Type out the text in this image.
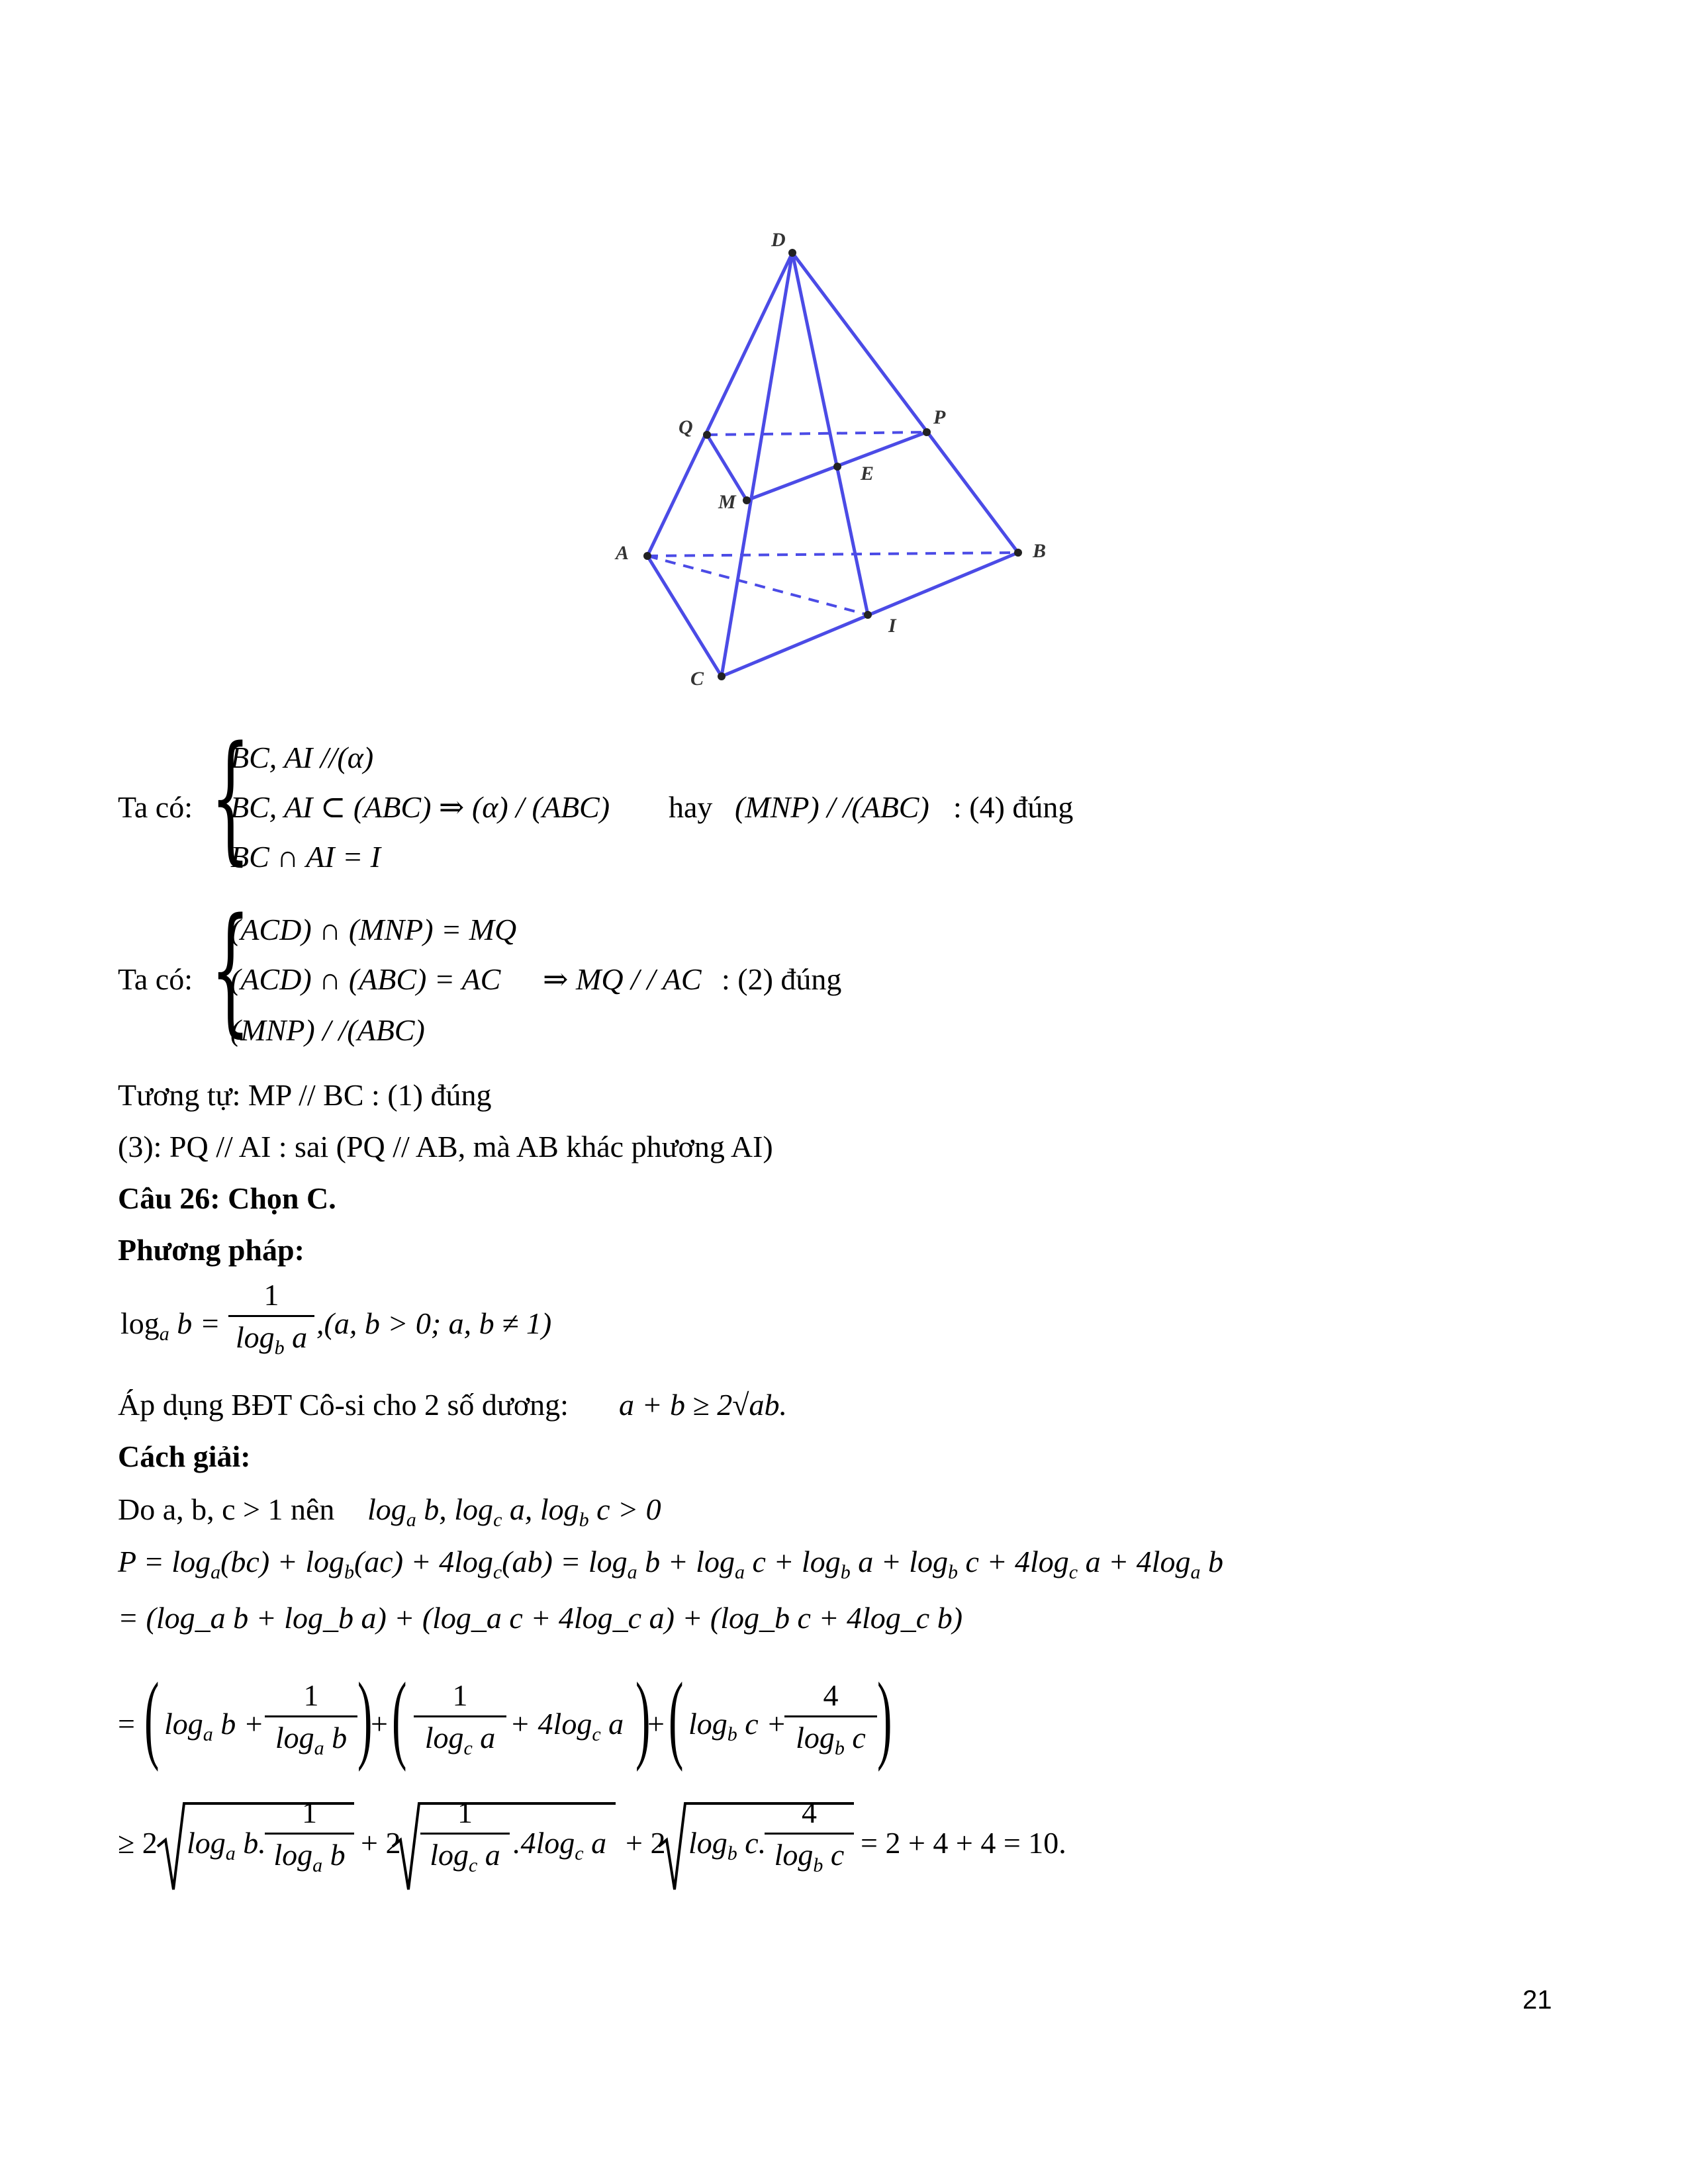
D
Q	P
M
E
A	B
I
C
Ta có: {
BC, AI //(α)
BC, AI ⊂ (ABC) ⇒ (α) / (ABC) hay (MNP) / /(ABC) : (4) đúng
BC ∩ AI = I
Ta có: {
(ACD) ∩ (MNP) = MQ
(ACD) ∩ (ABC) = AC ⇒ MQ / / AC : (2) đúng
(MNP) / /(ABC)
Tương tự: MP // BC : (1) đúng
(3): PQ // AI : sai (PQ // AB, mà AB khác phương AI)
Câu 26: Chọn C.
Phương pháp:
$\log_a b = \frac{1}{\log_b a} ,(a$, b > 0; a, b ≠ 1)
Áp dụng BĐT Cô-si cho 2 số dương: a + b ≥ 2√ab.
Cách giải:
Do a, b, c > 1 nên $\log_a b$, $\log_c a$, $\log_b c > 0$
$P = \log_a(bc) + \log_b(ac) + 4\log_c(ab) = \log_a b + \log_a c + \log_b a + \log_b c + 4\log_c$ $a + 4\log_a$ b
= (log_a b + log_b a) + (log_a c + 4log_c a) + (log_b c + 4log_c b)
= ( $\log_a b + \frac{1}{\log_a b}$ )
+ ( $\frac{1}{\log_c a} + 4\log_c$ a )
+ ( $\log_b c$ +
$\frac{4}{\log_b c}$ )
≥ 2 $\log_a b$.
$\frac{1}{\log_a b} + 2 \frac{1}{\log_c a} .4\log_c$ a + 2 $\log_b c$.
$\frac{4}{\log_b c} = 2 + 4 + 4 = 10$.
21
